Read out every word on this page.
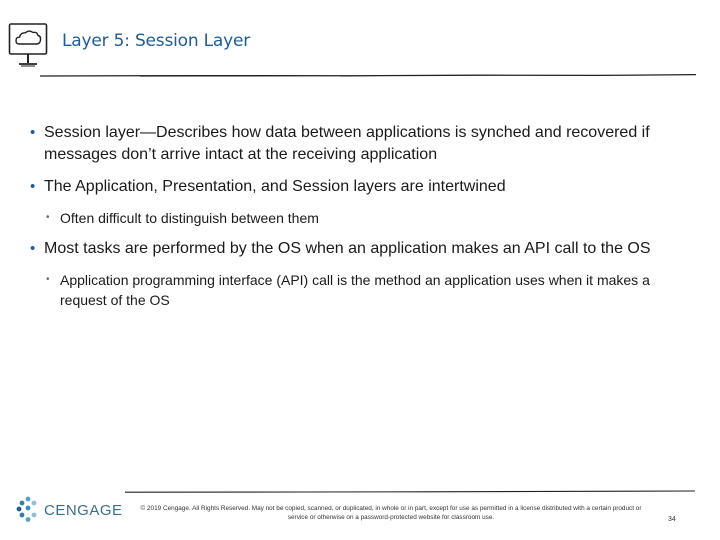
Layer 5: Session Layer
• Session layer—Describes how data between applications is synched and recovered if messages don’t arrive intact at the receiving application
• The Application, Presentation, and Session layers are intertwined
• Often difficult to distinguish between them
• Most tasks are performed by the OS when an application makes an API call to the OS
• Application programming interface (API) call is the method an application uses when it makes a request of the OS
CENGAGE	© 2019 Cengage. All Rights Reserved. May not be copied, scanned, or duplicated, in whole or in part, except for use as permitted in a license distributed with a certain product or service or otherwise on a password-protected website for classroom use.	34
